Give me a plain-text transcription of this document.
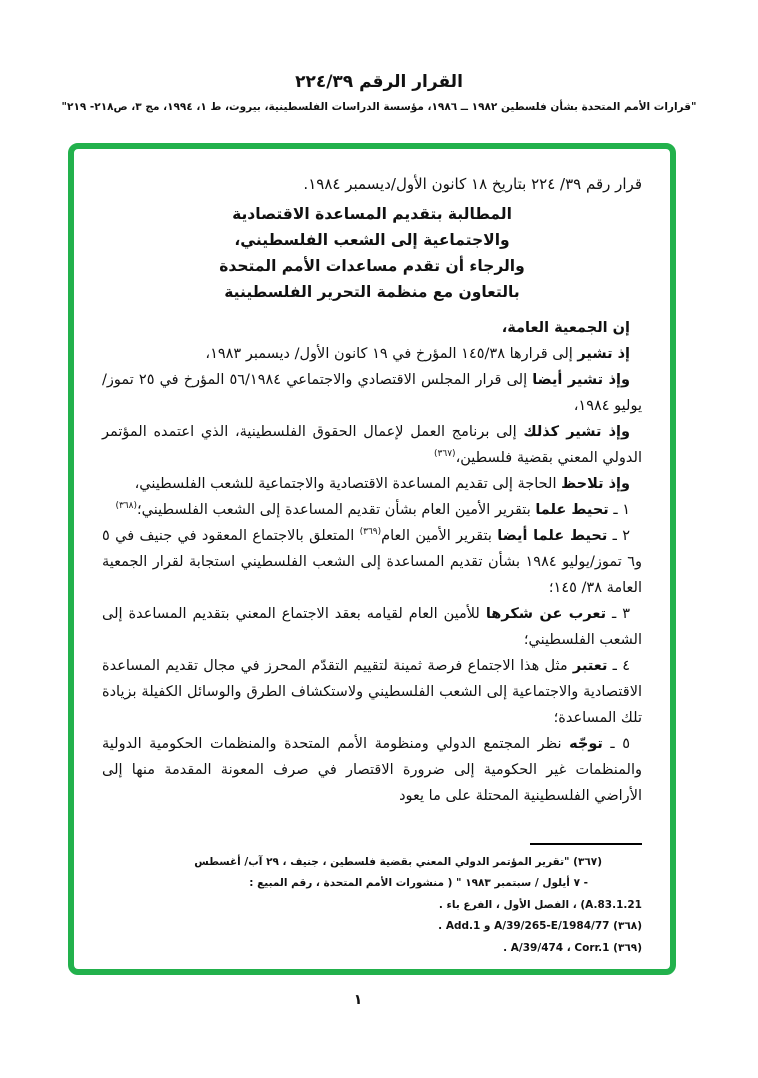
القرار الرقم ٢٢٤/٣٩
"قرارات الأمم المتحدة بشأن فلسطين ١٩٨٢ ــ ١٩٨٦، مؤسسة الدراسات الفلسطينية، بيروت، ط ١، ١٩٩٤، مج ٣، ص٢١٨- ٢١٩"
قرار رقم ٣٩/ ٢٢٤ بتاريخ ١٨ كانون الأول/ديسمبر ١٩٨٤.
المطالبة بتقديم المساعدة الاقتصادية
والاجتماعية إلى الشعب الفلسطيني،
والرجاء أن تقدم مساعدات الأمم المتحدة
بالتعاون مع منظمة التحرير الفلسطينية

إن الجمعية العامة،

إذ تشير إلى قرارها ١٤٥/٣٨ المؤرخ في ١٩ كانون الأول/ ديسمبر ١٩٨٣،

وإذ تشير أيضا إلى قرار المجلس الاقتصادي والاجتماعي ٥٦/١٩٨٤ المؤرخ في ٢٥ تموز/يوليو ١٩٨٤،

وإذ تشير كذلك إلى برنامج العمل لإعمال الحقوق الفلسطينية، الذي اعتمده المؤتمر الدولي المعني بقضية فلسطين،$^{(٣٦٧)}$

وإذ تلاحظ الحاجة إلى تقديم المساعدة الاقتصادية والاجتماعية للشعب الفلسطيني،

١ ـ تحيط علما بتقرير الأمين العام بشأن تقديم المساعدة إلى الشعب الفلسطيني؛$^{(٣٦٨)}$

٢ ـ تحيط علما أيضا بتقرير الأمين العام$^{(٣٦٩)}$ المتعلق بالاجتماع المعقود في جنيف في ٥ و٦ تموز/يوليو ١٩٨٤ بشأن تقديم المساعدة إلى الشعب الفلسطيني استجابة لقرار الجمعية العامة ٣٨/ ١٤٥؛

٣ ـ تعرب عن شكرها للأمين العام لقيامه بعقد الاجتماع المعني بتقديم المساعدة إلى الشعب الفلسطيني؛

٤ ـ تعتبر مثل هذا الاجتماع فرصة ثمينة لتقييم التقدّم المحرز في مجال تقديم المساعدة الاقتصادية والاجتماعية إلى الشعب الفلسطيني ولاستكشاف الطرق والوسائل الكفيلة بزيادة تلك المساعدة؛

٥ ـ توجّه نظر المجتمع الدولي ومنظومة الأمم المتحدة والمنظمات الحكومية الدولية والمنظمات غير الحكومية إلى ضرورة الاقتصار في صرف المعونة المقدمة منها إلى الأراضي الفلسطينية المحتلة على ما يعود

(٣٦٧) "تقرير المؤتمر الدولي المعني بقضية فلسطين ، جنيف ، ٢٩ آب/ أغسطس
- ٧ أيلول / سبتمبر ١٩٨٣ " ( منشورات الأمم المتحدة ، رقم المبيع :
A.83.1.21) ، الفصل الأول ، الفرع باء .
(٣٦٨) A/39/265-E/1984/77 و Add.1 .
(٣٦٩) A/39/474 ، Corr.1 .
١
